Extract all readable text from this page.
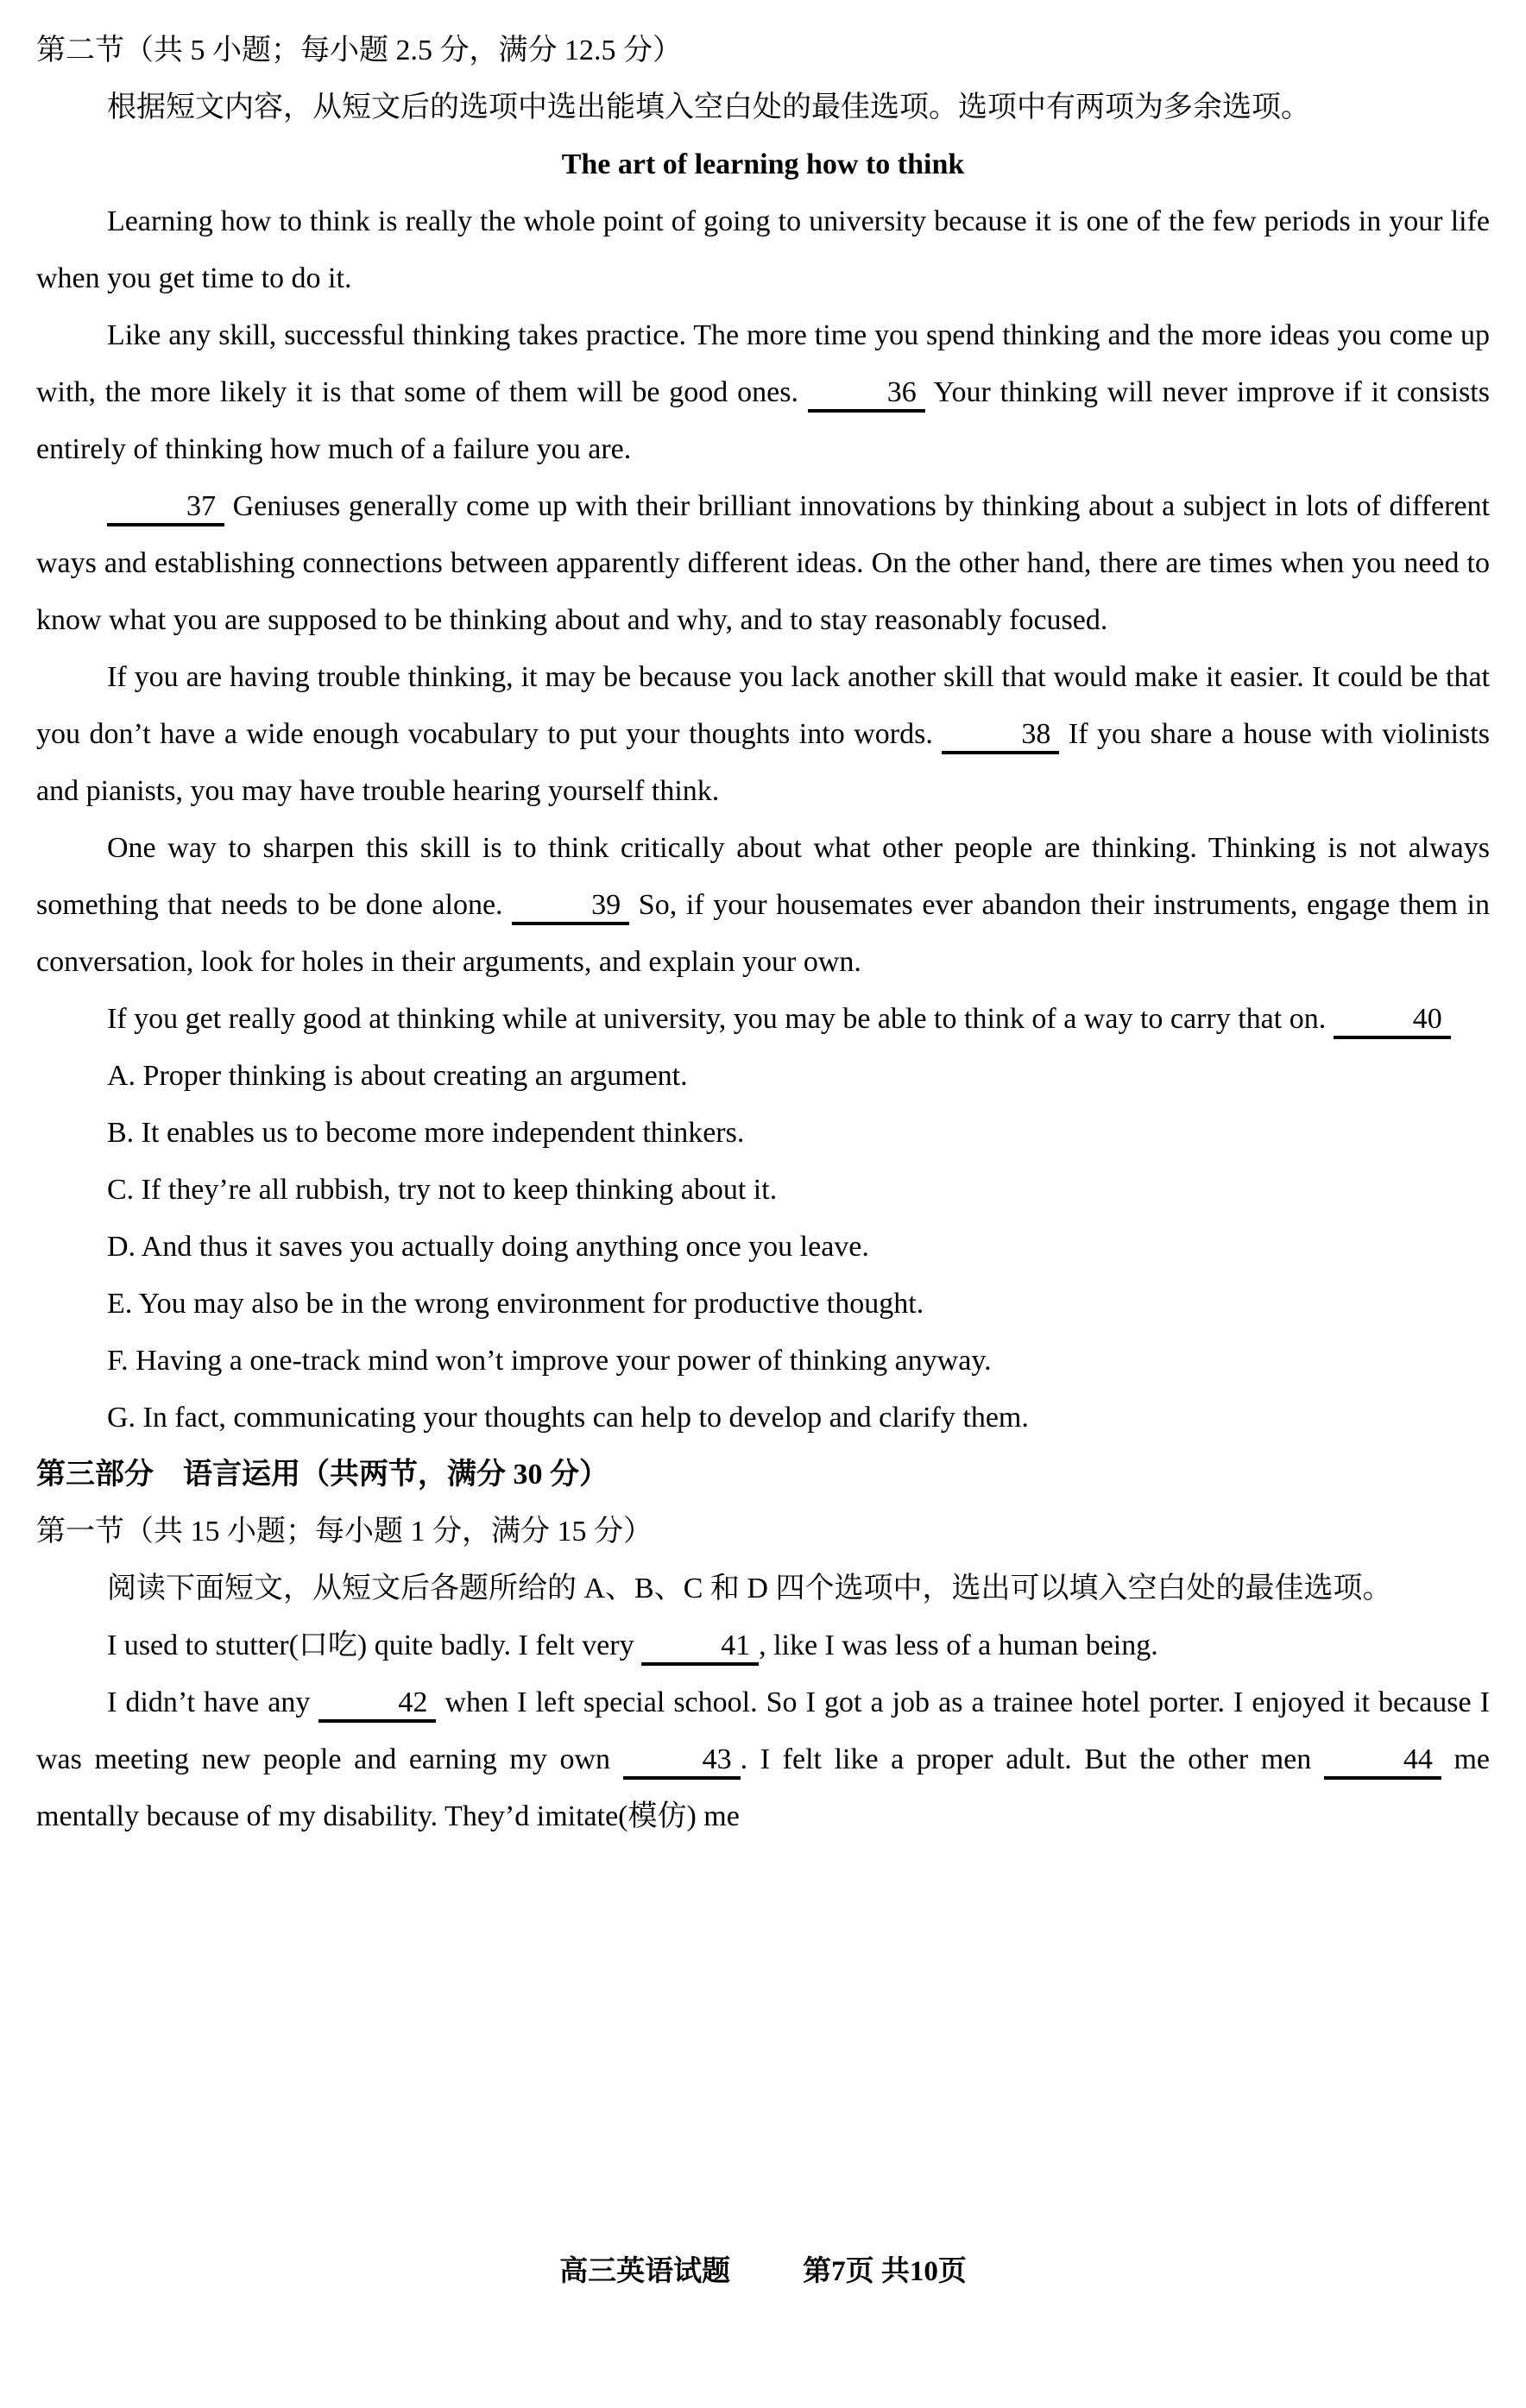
第二节（共 5 小题；每小题 2.5 分，满分 12.5 分）

根据短文内容，从短文后的选项中选出能填入空白处的最佳选项。选项中有两项为多余选项。

The art of learning how to think

Learning how to think is really the whole point of going to university because it is one of the few periods in your life when you get time to do it.

Like any skill, successful thinking takes practice. The more time you spend thinking and the more ideas you come up with, the more likely it is that some of them will be good ones.	36 Your thinking will never improve if it consists entirely of thinking how much of a failure you are.

37 Geniuses generally come up with their brilliant innovations by thinking about a subject in lots of different ways and establishing connections between apparently different ideas. On the other hand, there are times when you need to know what you are supposed to be thinking about and why, and to stay reasonably focused.

If you are having trouble thinking, it may be because you lack another skill that would make it easier. It could be that you don’t have a wide enough vocabulary to put your thoughts into words.	38 If you share a house with violinists and pianists, you may have trouble hearing yourself think.

One way to sharpen this skill is to think critically about what other people are thinking. Thinking is not always something that needs to be done alone.	39 So, if your housemates ever abandon their instruments, engage them in conversation, look for holes in their arguments, and explain your own.

If you get really good at thinking while at university, you may be able to think of a way to carry that on.	40

A. Proper thinking is about creating an argument.

B. It enables us to become more independent thinkers.

C. If they’re all rubbish, try not to keep thinking about it.

D. And thus it saves you actually doing anything once you leave.

E. You may also be in the wrong environment for productive thought.

F. Having a one-track mind won’t improve your power of thinking anyway.

G. In fact, communicating your thoughts can help to develop and clarify them.

第三部分　语言运用（共两节，满分 30 分）

第一节（共 15 小题；每小题 1 分，满分 15 分）

阅读下面短文，从短文后各题所给的 A、B、C 和 D 四个选项中，选出可以填入空白处的最佳选项。

I used to stutter(口吃) quite badly. I felt very	41 , like I was less of a human being.

I didn’t have any	42 when I left special school. So I got a job as a trainee hotel porter. I enjoyed it because I was meeting new people and earning my own	43 . I felt like a proper adult. But the other men	44 me mentally because of my disability. They’d imitate(模仿) me

高三英语试题	第7页 共10页
